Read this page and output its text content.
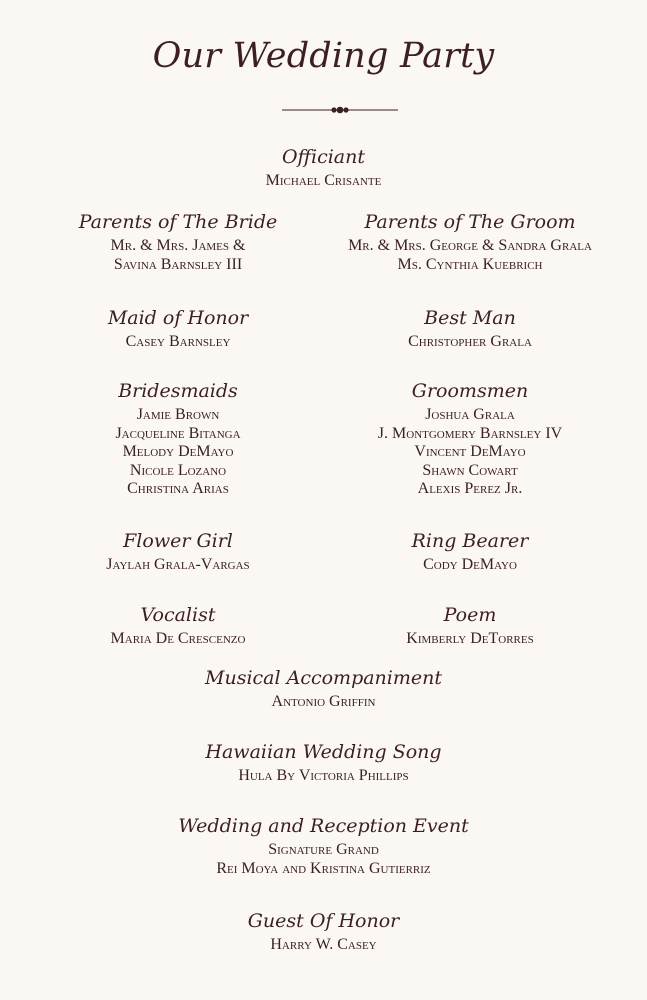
Our Wedding Party
Officiant
Michael Crisante
Parents of The Bride
Mr. & Mrs. James &
Savina Barnsley III
Parents of The Groom
Mr. & Mrs. George & Sandra Grala
Ms. Cynthia Kuebrich
Maid of Honor
Casey Barnsley
Best Man
Christopher Grala
Bridesmaids
Jamie Brown
Jacqueline Bitanga
Melody DeMayo
Nicole Lozano
Christina Arias
Groomsmen
Joshua Grala
J. Montgomery Barnsley IV
Vincent DeMayo
Shawn Cowart
Alexis Perez Jr.
Flower Girl
Jaylah Grala-Vargas
Ring Bearer
Cody DeMayo
Vocalist
Maria De Crescenzo
Poem
Kimberly DeTorres
Musical Accompaniment
Antonio Griffin
Hawaiian Wedding Song
Hula By Victoria Phillips
Wedding and Reception Event
Signature Grand
Rei Moya and Kristina Gutierriz
Guest Of Honor
Harry W. Casey
